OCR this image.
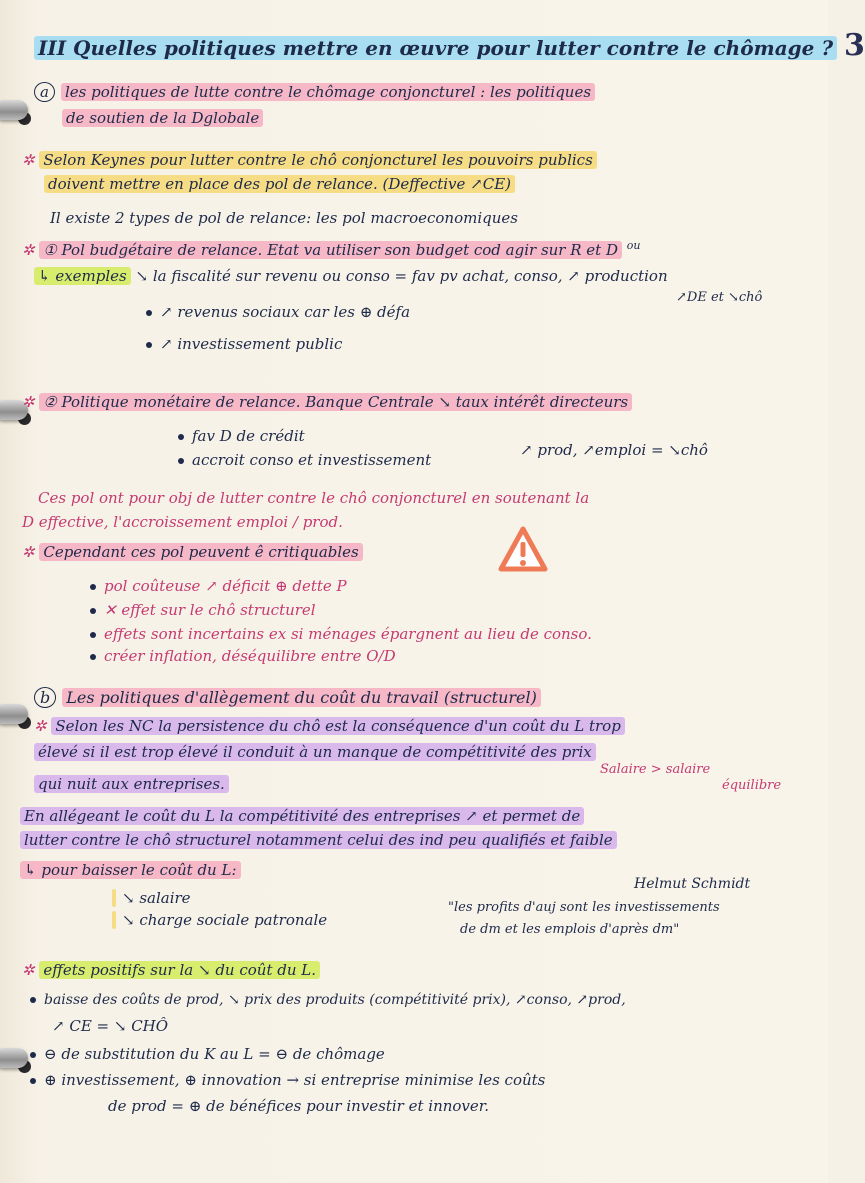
III Quelles politiques mettre en œuvre pour lutter contre le chômage ? 3
a les politiques de lutte contre le chômage conjoncturel : les politiques
de soutien de la Dglobale
✲ Selon Keynes pour lutter contre le chô conjoncturel les pouvoirs publics
doivent mettre en place des pol de relance. (Deffective ↗CE)
Il existe 2 types de pol de relance: les pol macroeconomiques
✲ ① Pol budgétaire de relance. Etat va utiliser son budget cod agir sur R et D $^{ou}$
↳ exemples ↘ la fiscalité sur revenu ou conso = fav pv achat, conso, ↗ production
↗DE et ↘chô
↗ revenus sociaux car les ⊕ défa
↗ investissement public
✲ ② Politique monétaire de relance. Banque Centrale ↘ taux intérêt directeurs
fav D de crédit
accroit conso et investissement
↗ prod, ↗emploi = ↘chô
Ces pol ont pour obj de lutter contre le chô conjoncturel en soutenant la
D effective, l'accroissement emploi / prod.
✲ Cependant ces pol peuvent ê critiquables
pol coûteuse ↗ déficit ⊕ dette P
✕ effet sur le chô structurel
effets sont incertains ex si ménages épargnent au lieu de conso.
créer inflation, déséquilibre entre O/D
b Les politiques d'allègement du coût du travail (structurel)
✲ Selon les NC la persistence du chô est la conséquence d'un coût du L trop
élevé si il est trop élevé il conduit à un manque de compétitivité des prix
qui nuit aux entreprises.
Salaire > salaire
équilibre
En allégeant le coût du L la compétitivité des entreprises ↗ et permet de
lutter contre le chô structurel notamment celui des ind peu qualifiés et faible
↳ pour baisser le coût du L:
↘ salaire
↘ charge sociale patronale
Helmut Schmidt
"les profits d'auj sont les investissements
de dm et les emplois d'après dm"
✲ effets positifs sur la ↘ du coût du L.
baisse des coûts de prod, ↘ prix des produits (compétitivité prix), ↗conso, ↗prod,
↗ CE = ↘ CHÔ
⊖ de substitution du K au L = ⊖ de chômage
⊕ investissement, ⊕ innovation → si entreprise minimise les coûts
de prod = ⊕ de bénéfices pour investir et innover.
